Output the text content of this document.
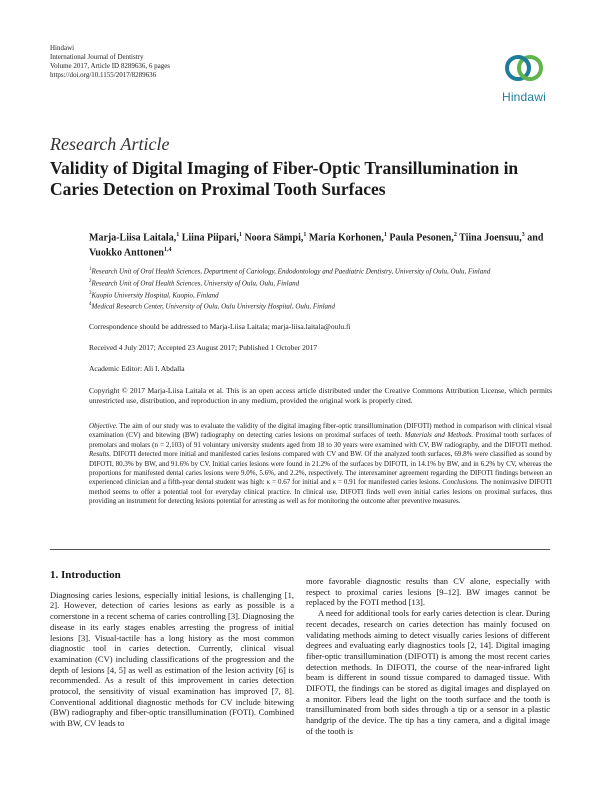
Hindawi
International Journal of Dentistry
Volume 2017, Article ID 8289636, 6 pages
https://doi.org/10.1155/2017/8289636
Hindawi
Research Article
Validity of Digital Imaging of Fiber-Optic Transillumination in Caries Detection on Proximal Tooth Surfaces
Marja-Liisa Laitala,$^1$ Liina Piipari,$^1$ Noora Sämpi,$^1$ Maria Korhonen,$^1$ Paula Pesonen,$^2$ Tiina Joensuu,$^3$ and Vuokko Anttonen$^{1,4}$
$^1$Research Unit of Oral Health Sciences, Department of Cariology, Endodontology and Paediatric Dentistry, University of Oulu, Oulu, Finland
$^2$Research Unit of Oral Health Sciences, University of Oulu, Oulu, Finland
$^3$Kuopio University Hospital, Kuopio, Finland
$^4$Medical Research Center, University of Oulu, Oulu University Hospital, Oulu, Finland
Correspondence should be addressed to Marja-Liisa Laitala; marja-liisa.laitala@oulu.fi
Received 4 July 2017; Accepted 23 August 2017; Published 1 October 2017
Academic Editor: Ali I. Abdalla
Copyright © 2017 Marja-Liisa Laitala et al. This is an open access article distributed under the Creative Commons Attribution License, which permits unrestricted use, distribution, and reproduction in any medium, provided the original work is properly cited.
Objective. The aim of our study was to evaluate the validity of the digital imaging fiber-optic transillumination (DIFOTI) method in comparison with clinical visual examination (CV) and bitewing (BW) radiography on detecting caries lesions on proximal surfaces of teeth. Materials and Methods. Proximal tooth surfaces of premolars and molars (n = 2,103) of 91 voluntary university students aged from 18 to 30 years were examined with CV, BW radiography, and the DIFOTI method. Results. DIFOTI detected more initial and manifested caries lesions compared with CV and BW. Of the analyzed tooth surfaces, 69.8% were classified as sound by DIFOTI, 80.3% by BW, and 91.6% by CV. Initial caries lesions were found in 21.2% of the surfaces by DIFOTI, in 14.1% by BW, and in 6.2% by CV, whereas the proportions for manifested dental caries lesions were 9.0%, 5.6%, and 2.2%, respectively. The interexaminer agreement regarding the DIFOTI findings between an experienced clinician and a fifth-year dental student was high: κ = 0.67 for initial and κ = 0.91 for manifested caries lesions. Conclusions. The noninvasive DIFOTI method seems to offer a potential tool for everyday clinical practice. In clinical use, DIFOTI finds well even initial caries lesions on proximal surfaces, thus providing an instrument for detecting lesions potential for arresting as well as for monitoring the outcome after preventive measures.

1. Introduction

Diagnosing caries lesions, especially initial lesions, is challenging [1, 2]. However, detection of caries lesions as early as possible is a cornerstone in a recent schema of caries controlling [3]. Diagnosing the disease in its early stages enables arresting the progress of initial lesions [3]. Visual-tactile has a long history as the most common diagnostic tool in caries detection. Currently, clinical visual examination (CV) including classifications of the progression and the depth of lesions [4, 5] as well as estimation of the lesion activity [6] is recommended. As a result of this improvement in caries detection protocol, the sensitivity of visual examination has improved [7, 8]. Conventional additional diagnostic methods for CV include bitewing (BW) radiography and fiber-optic transillumination (FOTI). Combined with BW, CV leads to

more favorable diagnostic results than CV alone, especially with respect to proximal caries lesions [9–12]. BW images cannot be replaced by the FOTI method [13].

A need for additional tools for early caries detection is clear. During recent decades, research on caries detection has mainly focused on validating methods aiming to detect visually caries lesions of different degrees and evaluating early diagnostics tools [2, 14]. Digital imaging fiber-optic transillumination (DIFOTI) is among the most recent caries detection methods. In DIFOTI, the course of the near-infrared light beam is different in sound tissue compared to damaged tissue. With DIFOTI, the findings can be stored as digital images and displayed on a monitor. Fibers lead the light on the tooth surface and the tooth is transilluminated from both sides through a tip or a sensor in a plastic handgrip of the device. The tip has a tiny camera, and a digital image of the tooth is
